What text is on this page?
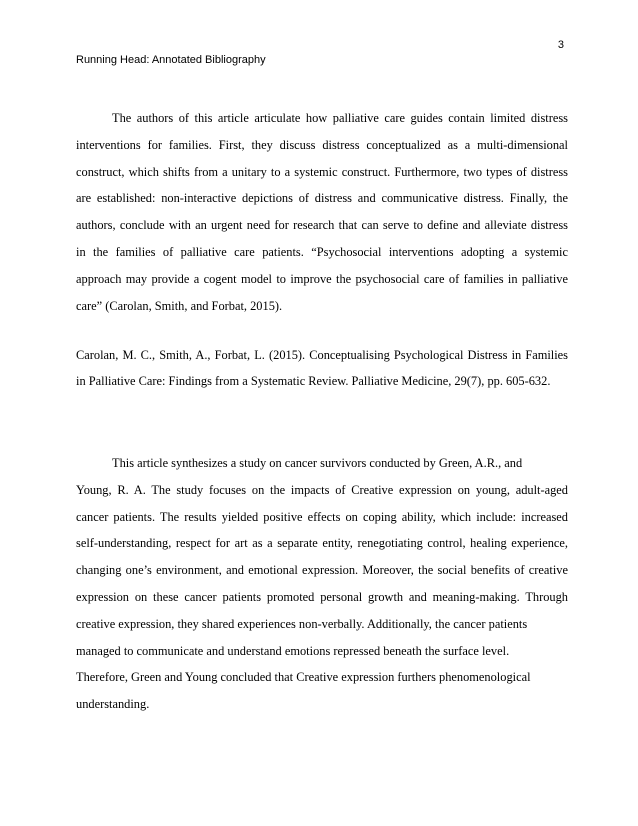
3
Running Head: Annotated Bibliography
The authors of this article articulate how palliative care guides contain limited distress
interventions for families. First, they discuss distress conceptualized as a multi-dimensional
construct, which shifts from a unitary to a systemic construct. Furthermore, two types of distress
are established: non-interactive depictions of distress and communicative distress. Finally, the
authors, conclude with an urgent need for research that can serve to define and alleviate distress
in the families of palliative care patients. “Psychosocial interventions adopting a systemic
approach may provide a cogent model to improve the psychosocial care of families in palliative
care” (Carolan, Smith, and Forbat, 2015).
Carolan, M. C., Smith, A., Forbat, L. (2015). Conceptualising Psychological Distress in Families
in Palliative Care: Findings from a Systematic Review. Palliative Medicine, 29(7), pp. 605-632.
This article synthesizes a study on cancer survivors conducted by Green, A.R., and
Young, R. A. The study focuses on the impacts of Creative expression on young, adult-aged
cancer patients. The results yielded positive effects on coping ability, which include: increased
self-understanding, respect for art as a separate entity, renegotiating control, healing experience,
changing one’s environment, and emotional expression. Moreover, the social benefits of creative
expression on these cancer patients promoted personal growth and meaning-making. Through
creative expression, they shared experiences non-verbally. Additionally, the cancer patients
managed to communicate and understand emotions repressed beneath the surface level.
Therefore, Green and Young concluded that Creative expression furthers phenomenological
understanding.
